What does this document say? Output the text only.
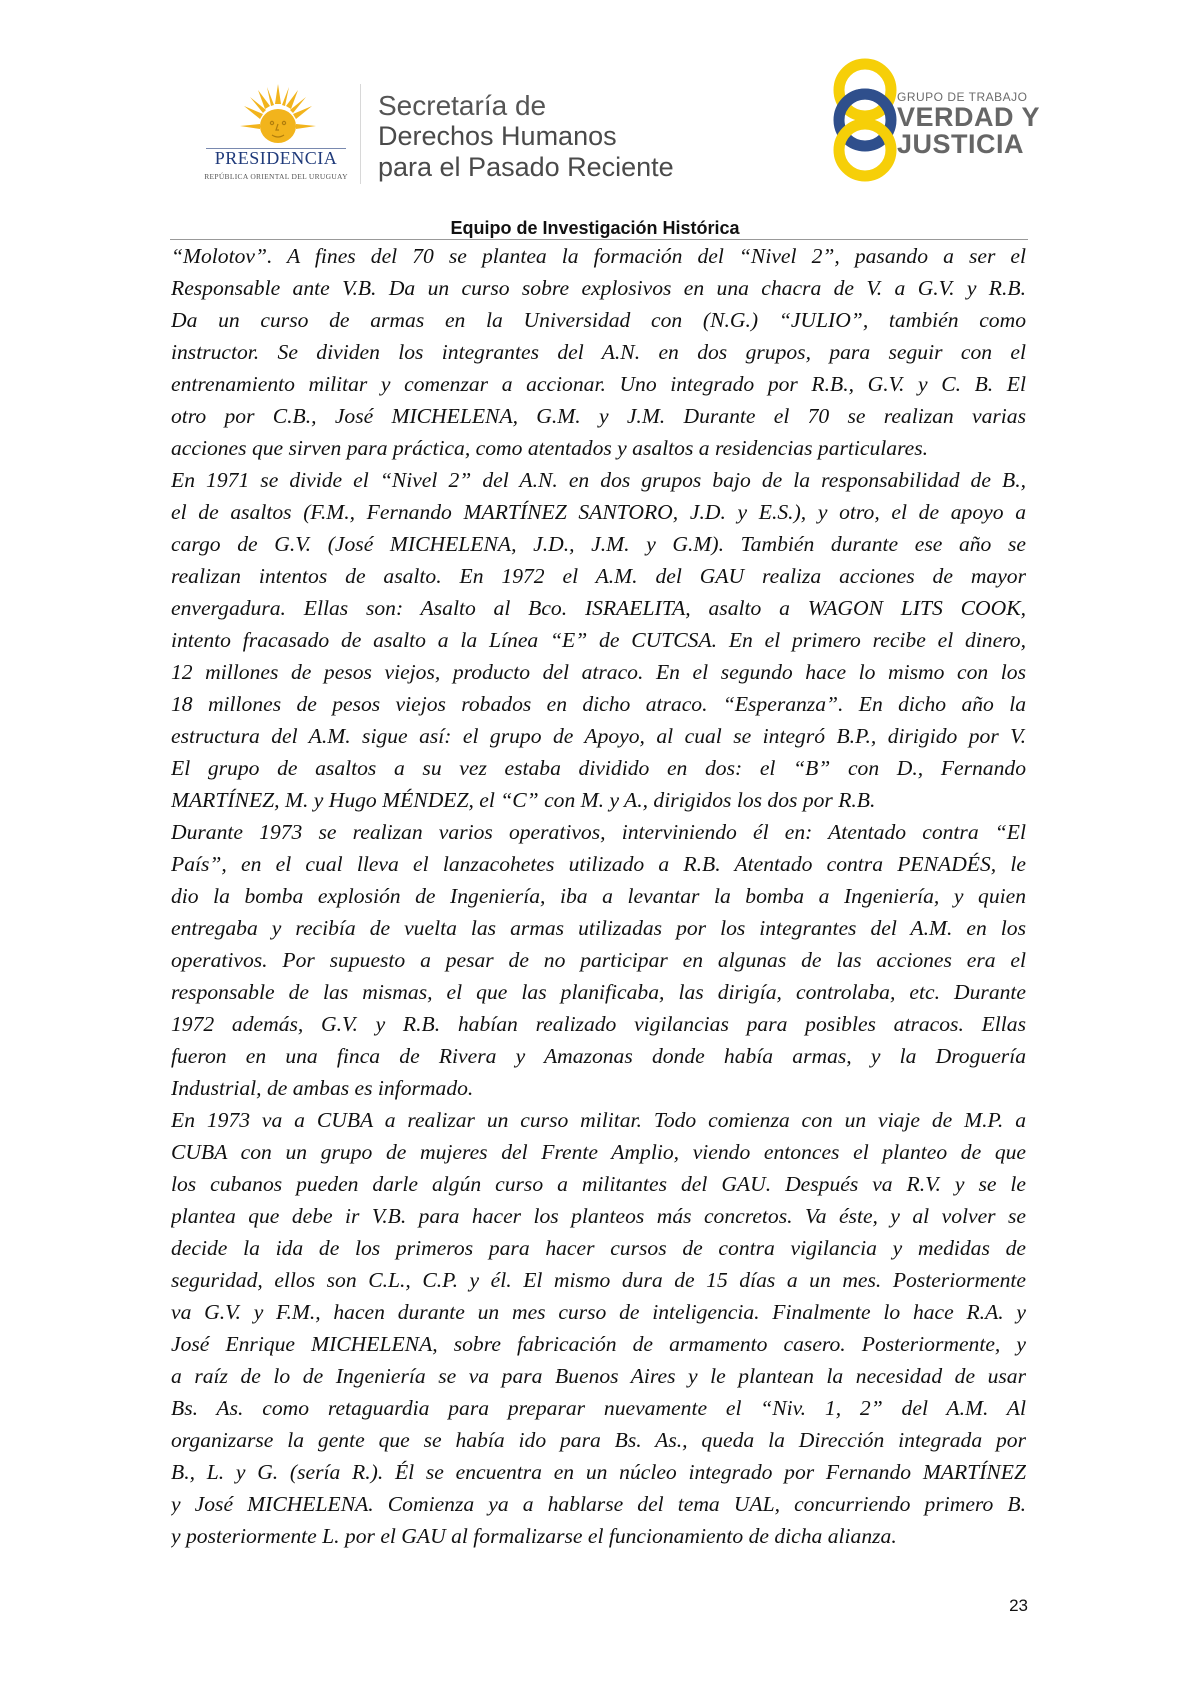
PRESIDENCIA
REPÚBLICA ORIENTAL DEL URUGUAY
Secretaría de
Derechos Humanos
para el Pasado Reciente
GRUPO DE TRABAJO
VERDAD Y
JUSTICIA
Equipo de Investigación Histórica
“Molotov”. A fines del 70 se plantea la formación del “Nivel 2”, pasando a ser el
Responsable ante V.B. Da un curso sobre explosivos en una chacra de V. a G.V. y R.B.
Da un curso de armas en la Universidad con (N.G.) “JULIO”, también como
instructor. Se dividen los integrantes del A.N. en dos grupos, para seguir con el
entrenamiento militar y comenzar a accionar. Uno integrado por R.B., G.V. y C. B. El
otro por C.B., José MICHELENA, G.M. y J.M. Durante el 70 se realizan varias
acciones que sirven para práctica, como atentados y asaltos a residencias particulares.
En 1971 se divide el “Nivel 2” del A.N. en dos grupos bajo de la responsabilidad de B.,
el de asaltos (F.M., Fernando MARTÍNEZ SANTORO, J.D. y E.S.), y otro, el de apoyo a
cargo de G.V. (José MICHELENA, J.D., J.M. y G.M). También durante ese año se
realizan intentos de asalto. En 1972 el A.M. del GAU realiza acciones de mayor
envergadura. Ellas son: Asalto al Bco. ISRAELITA, asalto a WAGON LITS COOK,
intento fracasado de asalto a la Línea “E” de CUTCSA. En el primero recibe el dinero,
12 millones de pesos viejos, producto del atraco. En el segundo hace lo mismo con los
18 millones de pesos viejos robados en dicho atraco. “Esperanza”. En dicho año la
estructura del A.M. sigue así: el grupo de Apoyo, al cual se integró B.P., dirigido por V.
El grupo de asaltos a su vez estaba dividido en dos: el “B” con D., Fernando
MARTÍNEZ, M. y Hugo MÉNDEZ, el “C” con M. y A., dirigidos los dos por R.B.
Durante 1973 se realizan varios operativos, interviniendo él en: Atentado contra “El
País”, en el cual lleva el lanzacohetes utilizado a R.B. Atentado contra PENADÉS, le
dio la bomba explosión de Ingeniería, iba a levantar la bomba a Ingeniería, y quien
entregaba y recibía de vuelta las armas utilizadas por los integrantes del A.M. en los
operativos. Por supuesto a pesar de no participar en algunas de las acciones era el
responsable de las mismas, el que las planificaba, las dirigía, controlaba, etc. Durante
1972 además, G.V. y R.B. habían realizado vigilancias para posibles atracos. Ellas
fueron en una finca de Rivera y Amazonas donde había armas, y la Droguería
Industrial, de ambas es informado.
En 1973 va a CUBA a realizar un curso militar. Todo comienza con un viaje de M.P. a
CUBA con un grupo de mujeres del Frente Amplio, viendo entonces el planteo de que
los cubanos pueden darle algún curso a militantes del GAU. Después va R.V. y se le
plantea que debe ir V.B. para hacer los planteos más concretos. Va éste, y al volver se
decide la ida de los primeros para hacer cursos de contra vigilancia y medidas de
seguridad, ellos son C.L., C.P. y él. El mismo dura de 15 días a un mes. Posteriormente
va G.V. y F.M., hacen durante un mes curso de inteligencia. Finalmente lo hace R.A. y
José Enrique MICHELENA, sobre fabricación de armamento casero. Posteriormente, y
a raíz de lo de Ingeniería se va para Buenos Aires y le plantean la necesidad de usar
Bs. As. como retaguardia para preparar nuevamente el “Niv. 1, 2” del A.M. Al
organizarse la gente que se había ido para Bs. As., queda la Dirección integrada por
B., L. y G. (sería R.). Él se encuentra en un núcleo integrado por Fernando MARTÍNEZ
y José MICHELENA. Comienza ya a hablarse del tema UAL, concurriendo primero B.
y posteriormente L. por el GAU al formalizarse el funcionamiento de dicha alianza.
23
